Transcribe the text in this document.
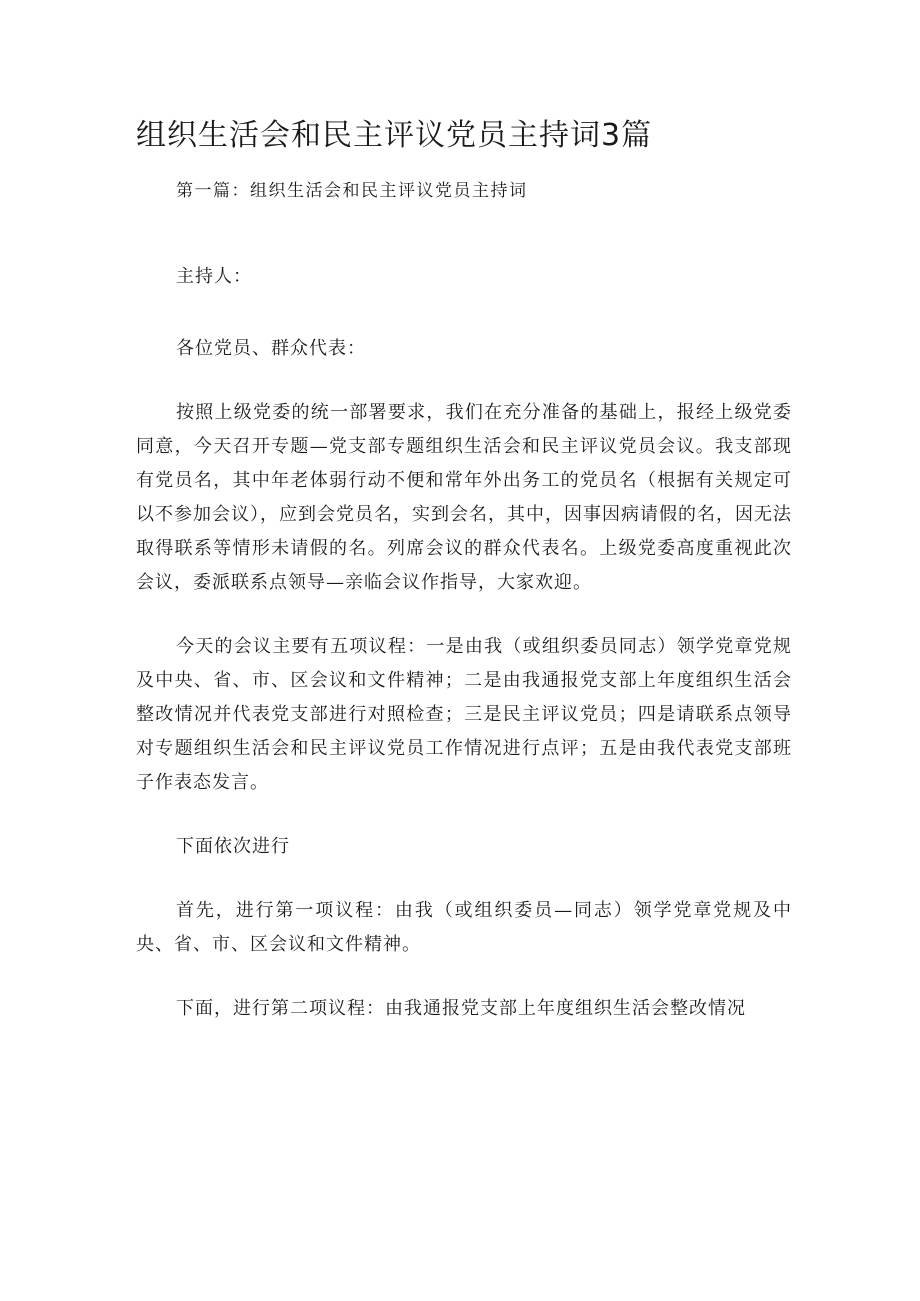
组织生活会和民主评议党员主持词3篇

第一篇：组织生活会和民主评议党员主持词

主持人：

各位党员、群众代表：

按照上级党委的统一部署要求，我们在充分准备的基础上，报经上级党委同意，今天召开专题—党支部专题组织生活会和民主评议党员会议。我支部现有党员名，其中年老体弱行动不便和常年外出务工的党员名（根据有关规定可以不参加会议），应到会党员名，实到会名，其中，因事因病请假的名，因无法取得联系等情形未请假的名。列席会议的群众代表名。上级党委高度重视此次会议，委派联系点领导—亲临会议作指导，大家欢迎。

今天的会议主要有五项议程：一是由我（或组织委员同志）领学党章党规及中央、省、市、区会议和文件精神；二是由我通报党支部上年度组织生活会整改情况并代表党支部进行对照检查；三是民主评议党员；四是请联系点领导对专题组织生活会和民主评议党员工作情况进行点评；五是由我代表党支部班子作表态发言。

下面依次进行

首先，进行第一项议程：由我（或组织委员—同志）领学党章党规及中央、省、市、区会议和文件精神。

下面，进行第二项议程：由我通报党支部上年度组织生活会整改情况
